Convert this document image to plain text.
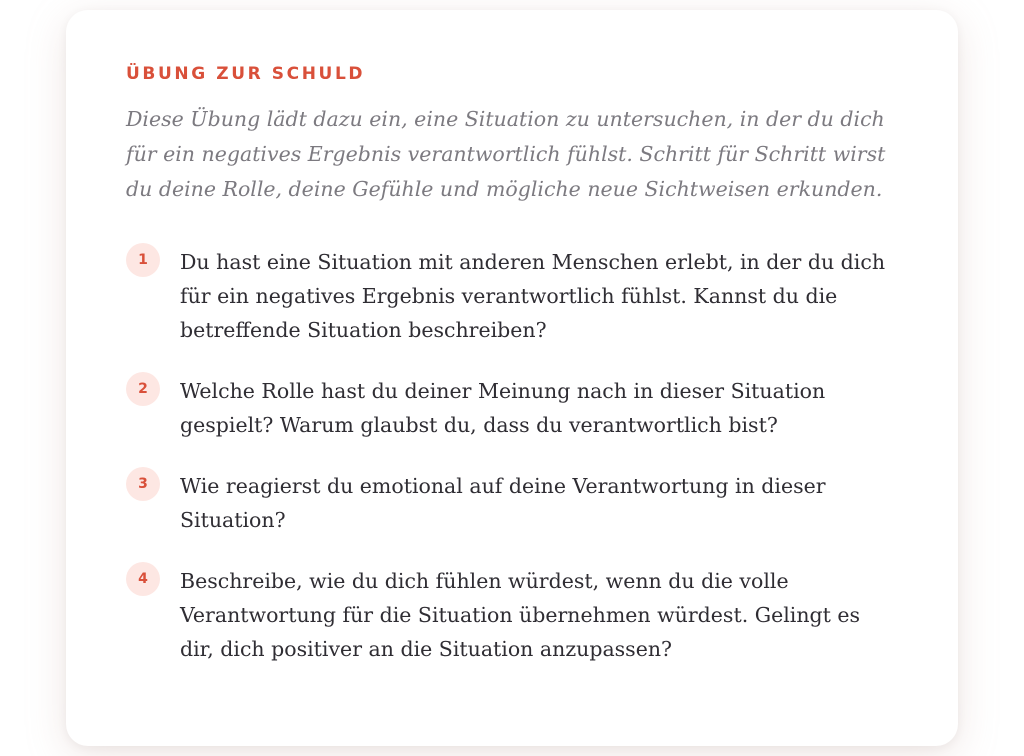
ÜBUNG ZUR SCHULD

Diese Übung lädt dazu ein, eine Situation zu untersuchen, in der du dich für ein negatives Ergebnis verantwortlich fühlst. Schritt für Schritt wirst du deine Rolle, deine Gefühle und mögliche neue Sichtweisen erkunden.

1	Du hast eine Situation mit anderen Menschen erlebt, in der du dich für ein negatives Ergebnis verantwortlich fühlst. Kannst du die betreffende Situation beschreiben?
2	Welche Rolle hast du deiner Meinung nach in dieser Situation gespielt? Warum glaubst du, dass du verantwortlich bist?
3	Wie reagierst du emotional auf deine Verantwortung in dieser Situation?
4	Beschreibe, wie du dich fühlen würdest, wenn du die volle Verantwortung für die Situation übernehmen würdest. Gelingt es dir, dich positiver an die Situation anzupassen?
